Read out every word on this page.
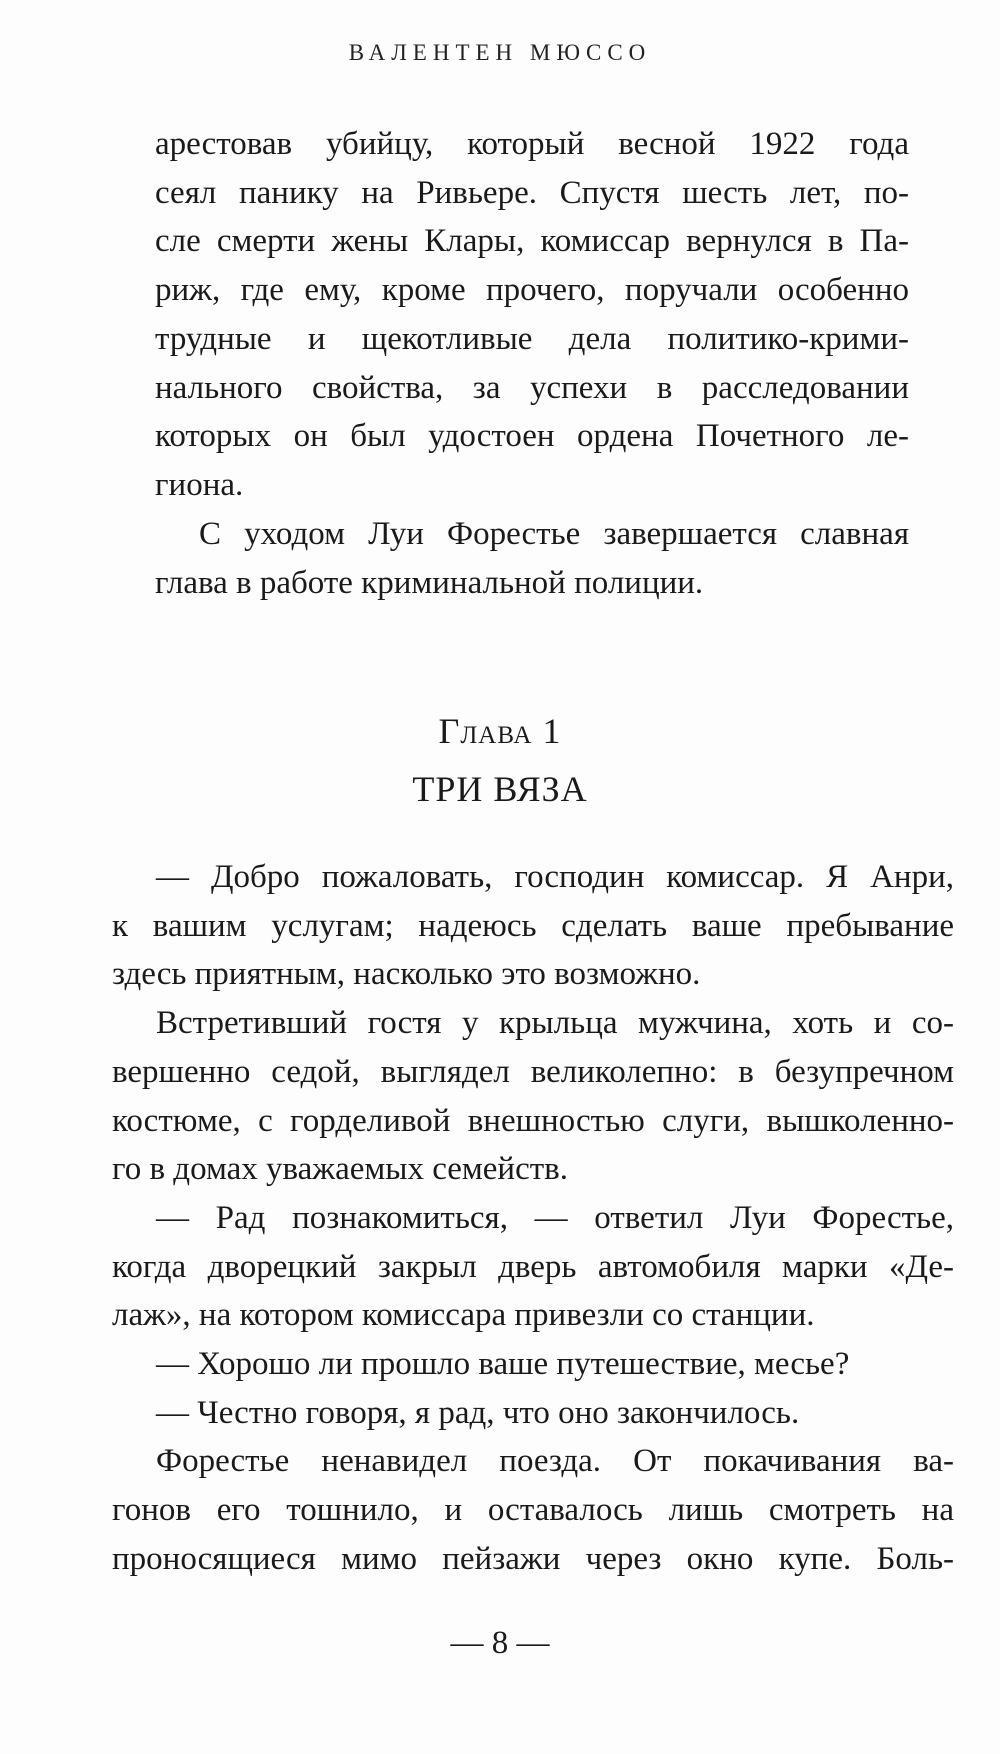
ВАЛЕНТЕН МЮССО
арестовав убийцу, который весной 1922 года
сеял панику на Ривьере. Спустя шесть лет, по-
сле смерти жены Клары, комиссар вернулся в Па-
риж, где ему, кроме прочего, поручали особенно
трудные и щекотливые дела политико-крими-
нального свойства, за успехи в расследовании
которых он был удостоен ордена Почетного ле-
гиона.
С уходом Луи Форестье завершается славная
глава в работе криминальной полиции.
Глава 1
ТРИ ВЯЗА
— Добро пожаловать, господин комиссар. Я Анри,
к вашим услугам; надеюсь сделать ваше пребывание
здесь приятным, насколько это возможно.
Встретивший гостя у крыльца мужчина, хоть и со-
вершенно седой, выглядел великолепно: в безупречном
костюме, с горделивой внешностью слуги, вышколенно-
го в домах уважаемых семейств.
— Рад познакомиться, — ответил Луи Форестье,
когда дворецкий закрыл дверь автомобиля марки «Де-
лаж», на котором комиссара привезли со станции.
— Хорошо ли прошло ваше путешествие, месье?
— Честно говоря, я рад, что оно закончилось.
Форестье ненавидел поезда. От покачивания ва-
гонов его тошнило, и оставалось лишь смотреть на
проносящиеся мимо пейзажи через окно купе. Боль-
— 8 —
